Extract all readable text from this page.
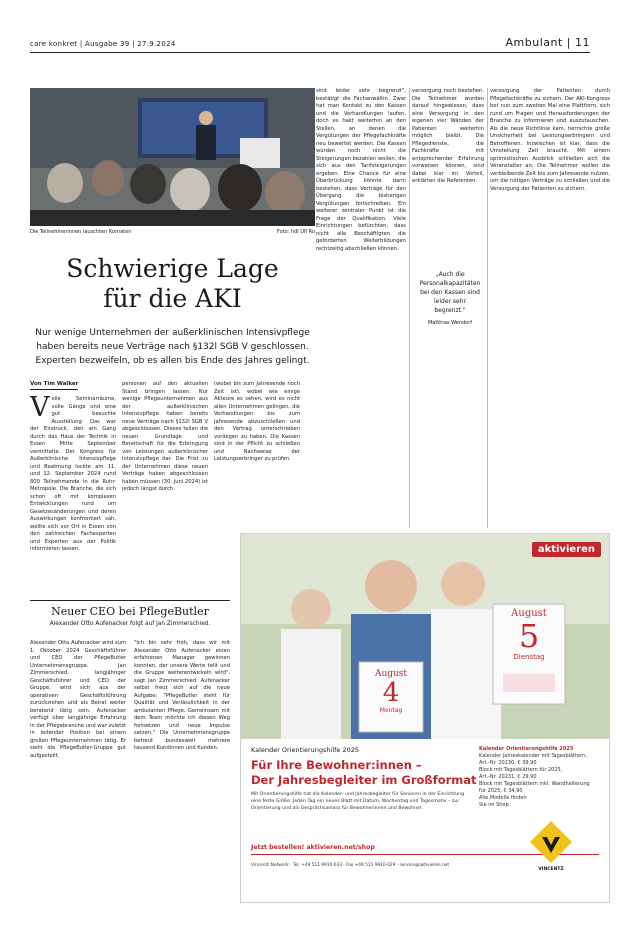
care konkret | Ausgabe 39 | 27.9.2024	Ambulant | 11
Die Teilnehmerinnen lauschten Kornaten	Foto: hdl Ulf Ro
Schwierige Lage
für die AKI
Nur wenige Unternehmen der außerklinischen Intensivpflege haben bereits neue Verträge nach §132l SGB V geschlossen. Experten bezweifeln, ob es allen bis Ende des Jahres gelingt.
Von Tim Walker
Volle Seminarräume, volle Gänge und eine gut besuchte Ausstellung: Das war der Eindruck, den ein Gang durch das Haus der Technik in Essen Mitte September vermittelte. Der Kongress für Außerklinische Intensivpflege und Beatmung lockte am 11. und 12. September 2024 rund 800 Teilnehmende in die Ruhr-Metropole. Die Branche, die sich schon oft mit komplexen Entwicklungen rund um Gesetzesänderungen und deren Auswirkungen konfrontiert sah, wollte sich vor Ort in Essen von den zahlreichen Fachexperten und Experten aus der Politik informieren lassen.
personen auf den aktuellen Stand bringen lassen. Nur wenige Pflegeunternehmen aus der außerklinischen Intensivpflege haben bereits neue Verträge nach §132l SGB V abgeschlossen. Dieses teilen die neuen Grundlage und Bereitschaft für die Erbringung von Leistungen außerklinischer Intensivpflege dar. Die Frist zu der Unternehmen diese neuen Verträge haben abgeschlossen haben müssen (30. Juni 2024) ist jedoch längst durch.
(wobei bis zum Jahresende noch Zeit ist), wobei wie einige Akteure es sehen, wird es nicht allen Unternehmen gelingen, die Verhandlungen bis zum Jahresende abzuschließen und den Vertrag unterschrieben vorliegen zu haben. Die Kassen sind in der Pflicht zu schließen und Nachweise der Leistungserbringer zu prüfen.
sind leider sehr begrenzt", bestätigt die Fachanwältin. Zwar hat man Kontakt zu den Kassen und die Verhandlungen laufen, doch es hakt weiterhin an den Stellen, an denen die Vergütungen der Pflegefachkräfte neu bewertet werden. Die Kassen würden noch nicht die Steigerungen bezahlen wollen, die sich aus den Tarifsteigerungen ergeben. Eine Chance für eine Überbrückung könnte darin bestehen, dass Verträge für den Übergang die bisherigen Vergütungen fortschreiben. Ein weiterer zentraler Punkt ist die Frage der Qualifikation. Viele Einrichtungen befürchten, dass nicht alle Beschäftigten die geforderten Weiterbildungen rechtzeitig abschließen können.
versorgung noch bestehen. Die Teilnehmer wurden darauf hingewiesen, dass eine Versorgung in den eigenen vier Wänden der Patienten weiterhin möglich bleibt. Die Pflegedienste, die Fachkräfte mit entsprechender Erfahrung vorweisen können, sind dabei klar im Vorteil, erklärten die Referenten.
„Auch die Personalkapazitäten bei den Kassen sind leider sehr begrenzt."
Matthias Wendorf
versorgung der Patienten durch Pflegefachkräfte zu sichern. Der AKI-Kongress bot nun zum zweiten Mal eine Plattform, sich rund um Fragen und Herausforderungen der Branche zu informieren und auszutauschen. Als die neue Richtlinie kam, herrschte große Unsicherheit bei Leistungserbringern und Betroffenen. Inzwischen ist klar, dass die Umstellung Zeit braucht. Mit einem optimistischen Ausblick schließen sich die Veranstalter an: Die Teilnehmer wollen die verbleibende Zeit bis zum Jahresende nutzen, um die nötigen Verträge zu schließen und die Versorgung der Patienten zu sichern.
Neuer CEO bei PflegeButler
Alexander Otto Aufenacker folgt auf Jan Zimmerschied.
Alexander Otto Aufenacker wird zum 1. Oktober 2024 Geschäftsführer und CEO der PflegeButler Unternehmensgruppe. Jan Zimmerschied, langjähriger Geschäftsführer und CEO der Gruppe, wird sich aus der operativen Geschäftsführung zurückziehen und als Beirat weiter beratend tätig sein. Aufenacker verfügt über langjährige Erfahrung in der Pflegebranche und war zuletzt in leitender Position bei einem großen Pflegeunternehmen tätig. Er sieht die PflegeButler-Gruppe gut aufgestellt.
"Ich bin sehr froh, dass wir mit Alexander Otto Aufenacker einen erfahrenen Manager gewinnen konnten, der unsere Werte teilt und die Gruppe weiterentwickeln wird", sagt Jan Zimmerschied. Aufenacker selbst freut sich auf die neue Aufgabe: "PflegeButler steht für Qualität und Verlässlichkeit in der ambulanten Pflege. Gemeinsam mit dem Team möchte ich diesen Weg fortsetzen und neue Impulse setzen." Die Unternehmensgruppe betreut bundesweit mehrere tausend Kundinnen und Kunden.
aktivieren
August
4
Montag
August
5
Dienstag
Kalender Orientierungshilfe 2025
Für Ihre Bewohner:innen –
Der Jahresbegleiter im Großformat
Mit Orientierungshilfe hat die Kalender- und Jahresbegleiter für Senioren in der Einrichtung eine feste Größe. Jeden Tag ein neues Blatt mit Datum, Wochentag und Tagesmotiv – zur Orientierung und als Gesprächsanlass für Bewohnerinnen und Bewohner.
Jetzt bestellen! aktivieren.net/shop
Vincentz Network · Tel. +49 511 9910-033 · Fax +49 511 9910-029 · service@aktivieren.net
Kalender Orientierungshilfe 2025
Kalender Jahreskalender mit Tagesblättern,
Art.-Nr. 20230, € 39,90
Block mit Tagesblättern für 2025,
Art.-Nr. 20231, € 29,90
Block mit Tagesblättern inkl. Wandhalterung
für 2025, € 34,90
Alle Modelle finden
Sie im Shop.
VINCENTZ
